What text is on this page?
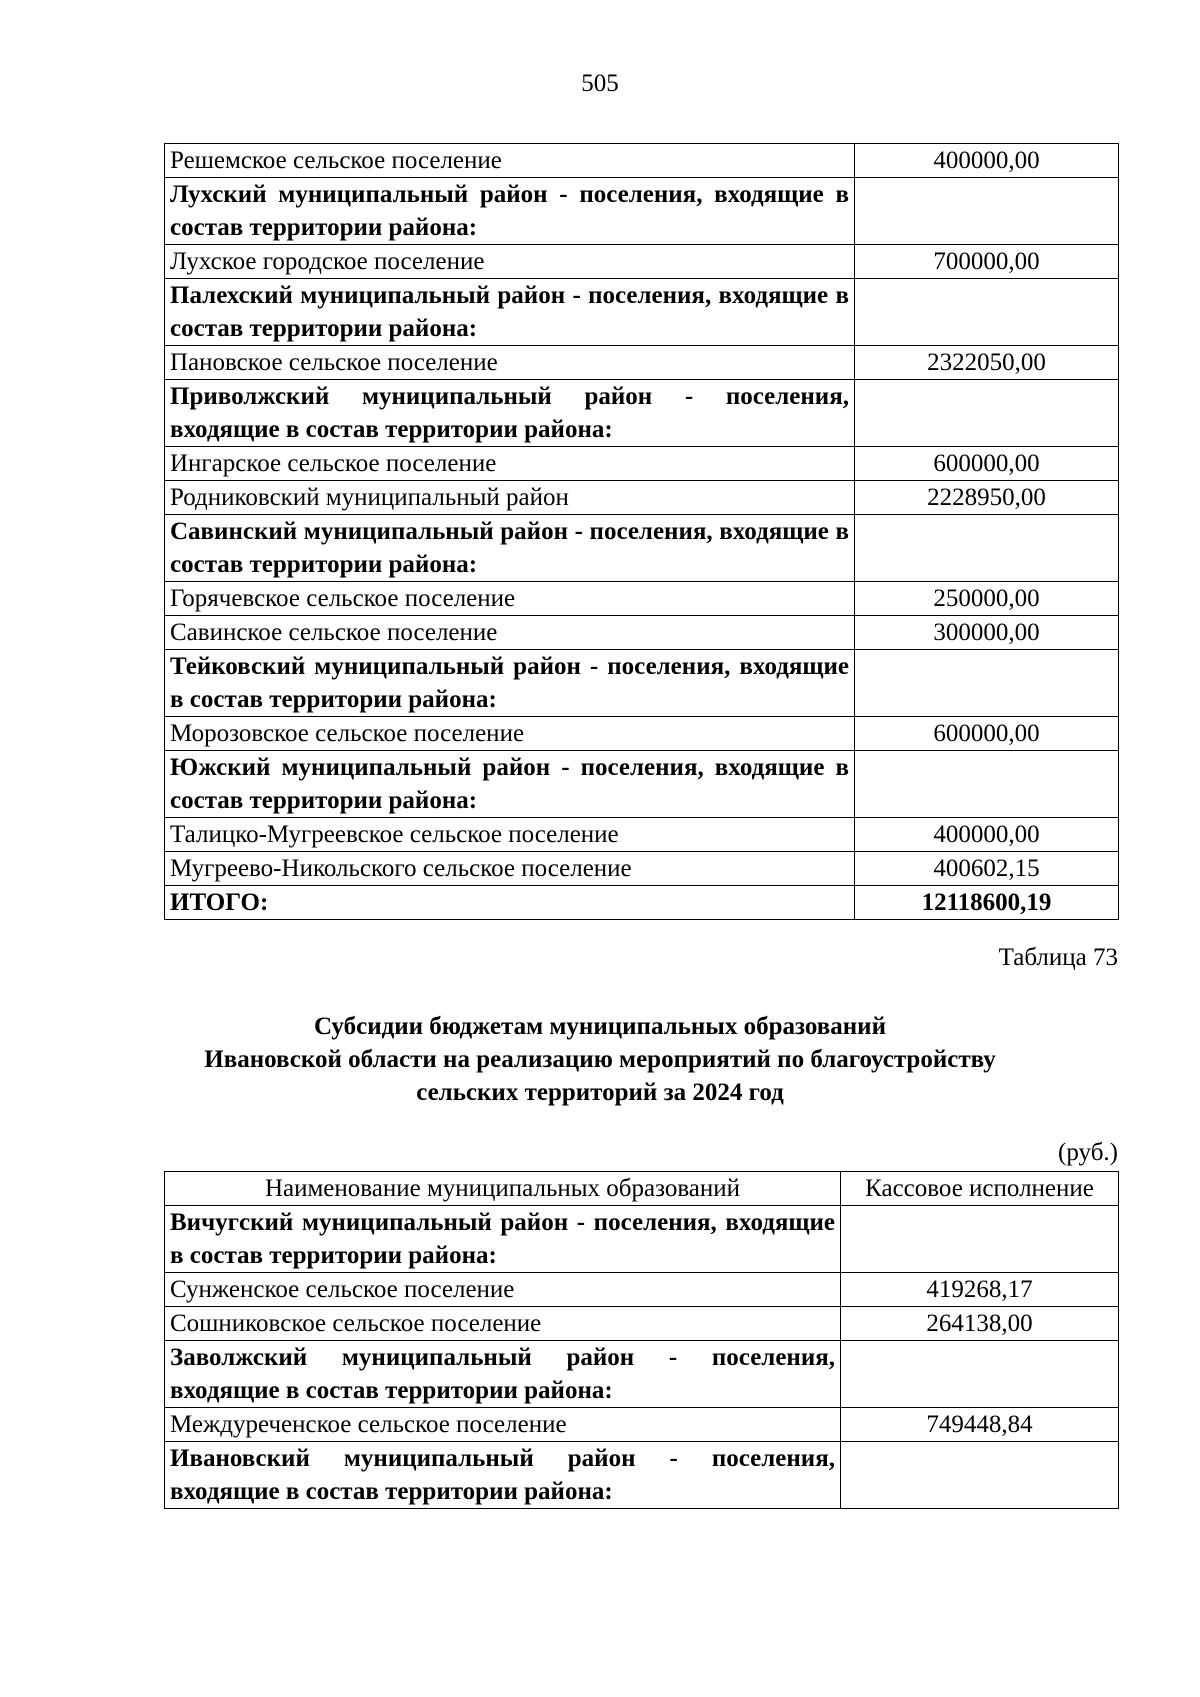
505
Решемское сельское поселение	400000,00
Лухский муниципальный район - поселения, входящие в состав территории района:	
Лухское городское поселение	700000,00
Палехский муниципальный район - поселения, входящие в состав территории района:	
Пановское сельское поселение	2322050,00
Приволжский муниципальный район - поселения, входящие в состав территории района:	
Ингарское сельское поселение	600000,00
Родниковский муниципальный район	2228950,00
Савинский муниципальный район - поселения, входящие в состав территории района:	
Горячевское сельское поселение	250000,00
Савинское сельское поселение	300000,00
Тейковский муниципальный район - поселения, входящие в состав территории района:	
Морозовское сельское поселение	600000,00
Южский муниципальный район - поселения, входящие в состав территории района:	
Талицко-Мугреевское сельское поселение	400000,00
Мугреево-Никольского сельское поселение	400602,15
ИТОГО:	12118600,19
Таблица 73
Субсидии бюджетам муниципальных образований
Ивановской области на реализацию мероприятий по благоустройству
сельских территорий за 2024 год
(руб.)
Наименование муниципальных образований	Кассовое исполнение
Вичугский муниципальный район - поселения, входящие в состав территории района:	
Сунженское сельское поселение	419268,17
Сошниковское сельское поселение	264138,00
Заволжский муниципальный район - поселения, входящие в состав территории района:	
Междуреченское сельское поселение	749448,84
Ивановский муниципальный район - поселения, входящие в состав территории района:	
